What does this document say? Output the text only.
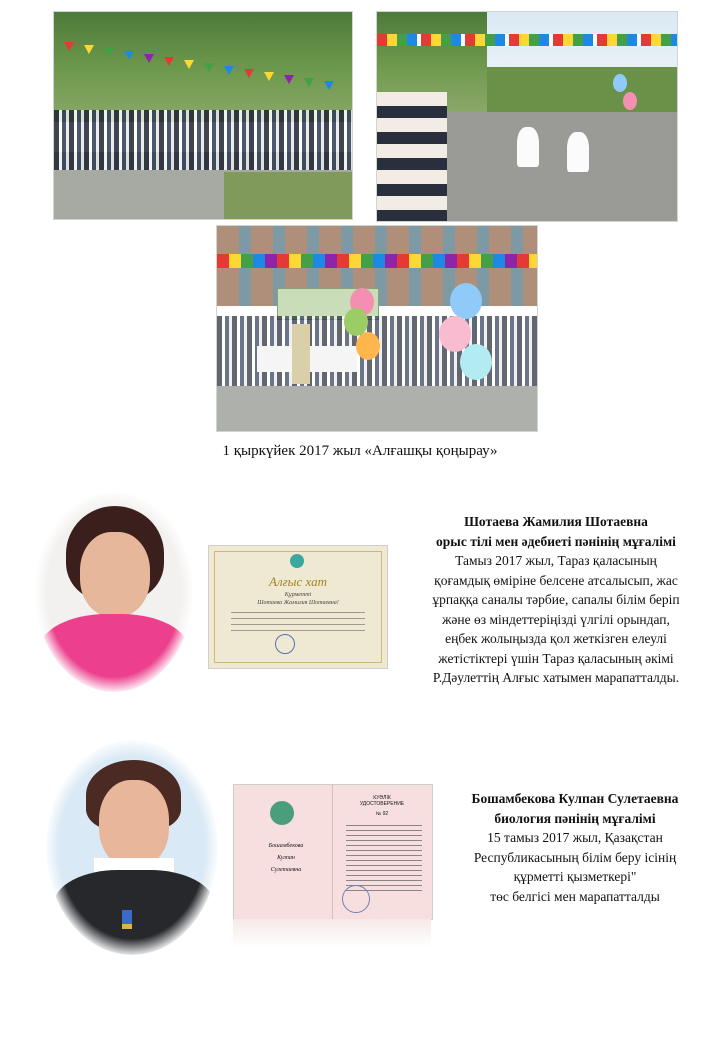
1 қыркүйек 2017 жыл «Алғашқы қоңырау»
Алғыс хат
Құрметті
Шотаева Жамилия Шотаевна!
Шотаева Жамилия Шотаевна
орыс тілі мен әдебиеті пәнінің мұғалімі
Тамыз 2017 жыл, Тараз қаласының
қоғамдық өміріне белсене атсалысып, жас
ұрпаққа саналы тәрбие, сапалы білім беріп
және өз міндеттеріңізді үлгілі орындап,
еңбек жолыңызда қол жеткізген елеулі
жетістіктері үшін Тараз қаласының әкімі
Р.Дәулеттің Алғыс хатымен марапатталды.
КУӘЛІК
УДОСТОВЕРЕНИЕ
№ 92
Бошамбекова
Кулпан
Сулетаевна
Бошамбекова Кулпан Сулетаевна
биология пәнінің мұғалімі
15 тамыз 2017 жыл, Қазақстан
Республикасының білім беру ісінің
құрметті қызметкері"
төс белгісі мен марапатталды
